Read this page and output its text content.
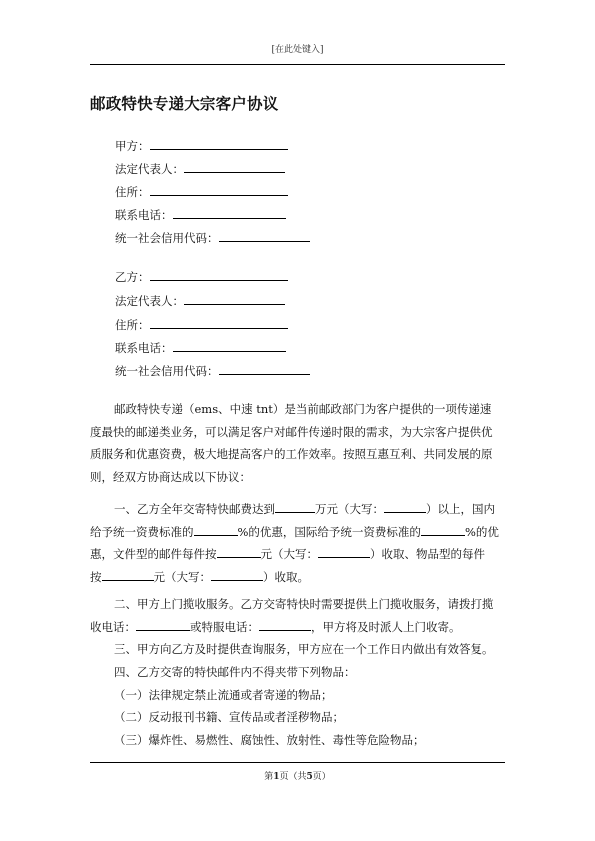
[在此处键入]
邮政特快专递大宗客户协议
甲方：
法定代表人：
住所：
联系电话：
统一社会信用代码：
乙方：
法定代表人：
住所：
联系电话：
统一社会信用代码：
邮政特快专递（ems、中速 tnt）是当前邮政部门为客户提供的一项传递速
度最快的邮递类业务，可以满足客户对邮件传递时限的需求，为大宗客户提供优
质服务和优惠资费，极大地提高客户的工作效率。按照互惠互利、共同发展的原
则，经双方协商达成以下协议：
一、乙方全年交寄特快邮费达到	万元（大写：	）以上，国内
给予统一资费标准的	%的优惠，国际给予统一资费标准的	%的优
惠，文件型的邮件每件按	元（大写：	）收取、物品型的每件
按	元（大写：	）收取。
二、甲方上门揽收服务。乙方交寄特快时需要提供上门揽收服务，请拨打揽
收电话：	或特服电话：	，甲方将及时派人上门收寄。
三、甲方向乙方及时提供查询服务，甲方应在一个工作日内做出有效答复。
四、乙方交寄的特快邮件内不得夹带下列物品：
（一）法律规定禁止流通或者寄递的物品；
（二）反动报刊书籍、宣传品或者淫秽物品；
（三）爆炸性、易燃性、腐蚀性、放射性、毒性等危险物品；
第1页（共5页）
